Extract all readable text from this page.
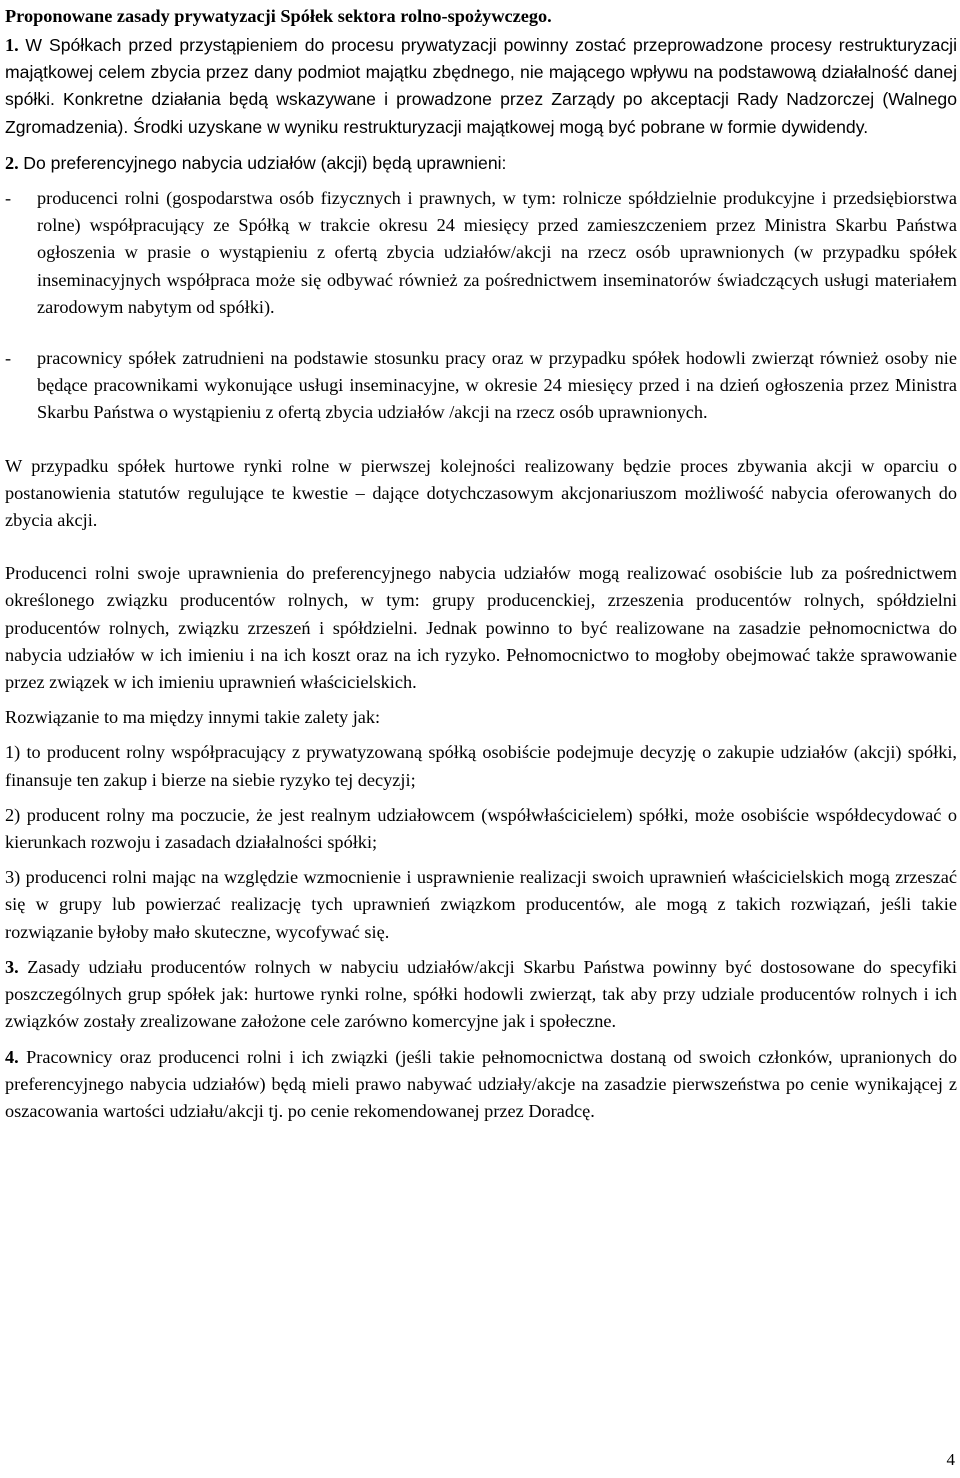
Proponowane zasady prywatyzacji Spółek sektora rolno-spożywczego.

1. W Spółkach przed przystąpieniem do procesu prywatyzacji powinny zostać przeprowadzone procesy restrukturyzacji majątkowej celem zbycia przez dany podmiot majątku zbędnego, nie mającego wpływu na podstawową działalność danej spółki. Konkretne działania będą wskazywane i prowadzone przez Zarządy po akceptacji Rady Nadzorczej (Walnego Zgromadzenia). Środki uzyskane w wyniku restrukturyzacji majątkowej mogą być pobrane w formie dywidendy.

2. Do preferencyjnego nabycia udziałów (akcji) będą uprawnieni:

-	producenci rolni (gospodarstwa osób fizycznych i prawnych, w tym: rolnicze spółdzielnie produkcyjne i przedsiębiorstwa rolne) współpracujący ze Spółką w trakcie okresu 24 miesięcy przed zamieszczeniem przez Ministra Skarbu Państwa ogłoszenia w prasie o wystąpieniu z ofertą zbycia udziałów/akcji na rzecz osób uprawnionych (w przypadku spółek inseminacyjnych współpraca może się odbywać również za pośrednictwem inseminatorów świadczących usługi materiałem zarodowym nabytym od spółki).
-	pracownicy spółek zatrudnieni na podstawie stosunku pracy oraz w przypadku spółek hodowli zwierząt również osoby nie będące pracownikami wykonujące usługi inseminacyjne, w okresie 24 miesięcy przed i na dzień ogłoszenia przez Ministra Skarbu Państwa o wystąpieniu z ofertą zbycia udziałów /akcji na rzecz osób uprawnionych.

W przypadku spółek hurtowe rynki rolne w pierwszej kolejności realizowany będzie proces zbywania akcji w oparciu o postanowienia statutów regulujące te kwestie – dające dotychczasowym akcjonariuszom możliwość nabycia oferowanych do zbycia akcji.

Producenci rolni swoje uprawnienia do preferencyjnego nabycia udziałów mogą realizować osobiście lub za pośrednictwem określonego związku producentów rolnych, w tym: grupy producenckiej, zrzeszenia producentów rolnych, spółdzielni producentów rolnych, związku zrzeszeń i spółdzielni. Jednak powinno to być realizowane na zasadzie pełnomocnictwa do nabycia udziałów w ich imieniu i na ich koszt oraz na ich ryzyko. Pełnomocnictwo to mogłoby obejmować także sprawowanie przez związek w ich imieniu uprawnień właścicielskich.

Rozwiązanie to ma między innymi takie zalety jak:

1) to producent rolny współpracujący z prywatyzowaną spółką osobiście podejmuje decyzję o zakupie udziałów (akcji) spółki, finansuje ten zakup i bierze na siebie ryzyko tej decyzji;

2) producent rolny ma poczucie, że jest realnym udziałowcem (współwłaścicielem) spółki, może osobiście współdecydować o kierunkach rozwoju i zasadach działalności spółki;

3) producenci rolni mając na względzie wzmocnienie i usprawnienie realizacji swoich uprawnień właścicielskich mogą zrzeszać się w grupy lub powierzać realizację tych uprawnień związkom producentów, ale mogą z takich rozwiązań, jeśli takie rozwiązanie byłoby mało skuteczne, wycofywać się.

3. Zasady udziału producentów rolnych w nabyciu udziałów/akcji Skarbu Państwa powinny być dostosowane do specyfiki poszczególnych grup spółek jak: hurtowe rynki rolne, spółki hodowli zwierząt, tak aby przy udziale producentów rolnych i ich związków zostały zrealizowane założone cele zarówno komercyjne jak i społeczne.

4. Pracownicy oraz producenci rolni i ich związki (jeśli takie pełnomocnictwa dostaną od swoich członków, upranionych do preferencyjnego nabycia udziałów) będą mieli prawo nabywać udziały/akcje na zasadzie pierwszeństwa po cenie wynikającej z oszacowania wartości udziału/akcji tj. po cenie rekomendowanej przez Doradcę.

4
